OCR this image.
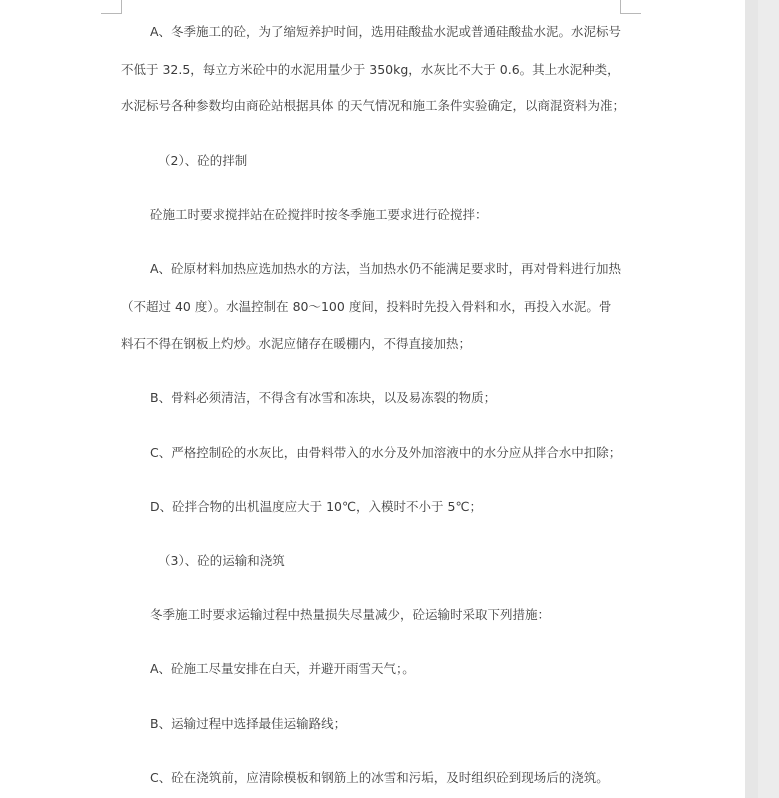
A、冬季施工的砼，为了缩短养护时间，选用硅酸盐水泥或普通硅酸盐水泥。水泥标号
不低于 32.5，每立方米砼中的水泥用量少于 350kg，水灰比不大于 0.6。其上水泥种类，
水泥标号各种参数均由商砼站根据具体 的天气情况和施工条件实验确定，以商混资料为准；
（2）、砼的拌制
砼施工时要求搅拌站在砼搅拌时按冬季施工要求进行砼搅拌：
A、砼原材料加热应选加热水的方法，当加热水仍不能满足要求时，再对骨料进行加热
（不超过 40 度）。水温控制在 80～100 度间，投料时先投入骨料和水，再投入水泥。骨
料石不得在钢板上灼炒。水泥应储存在暖棚内，不得直接加热；
B、骨料必须清洁，不得含有冰雪和冻块，以及易冻裂的物质；
C、严格控制砼的水灰比，由骨料带入的水分及外加溶液中的水分应从拌合水中扣除；
D、砼拌合物的出机温度应大于 10℃，入模时不小于 5℃；
（3）、砼的运输和浇筑
冬季施工时要求运输过程中热量损失尽量减少，砼运输时采取下列措施：
A、砼施工尽量安排在白天，并避开雨雪天气；。
B、运输过程中选择最佳运输路线；
C、砼在浇筑前，应清除模板和钢筋上的冰雪和污垢，及时组织砼到现场后的浇筑。
